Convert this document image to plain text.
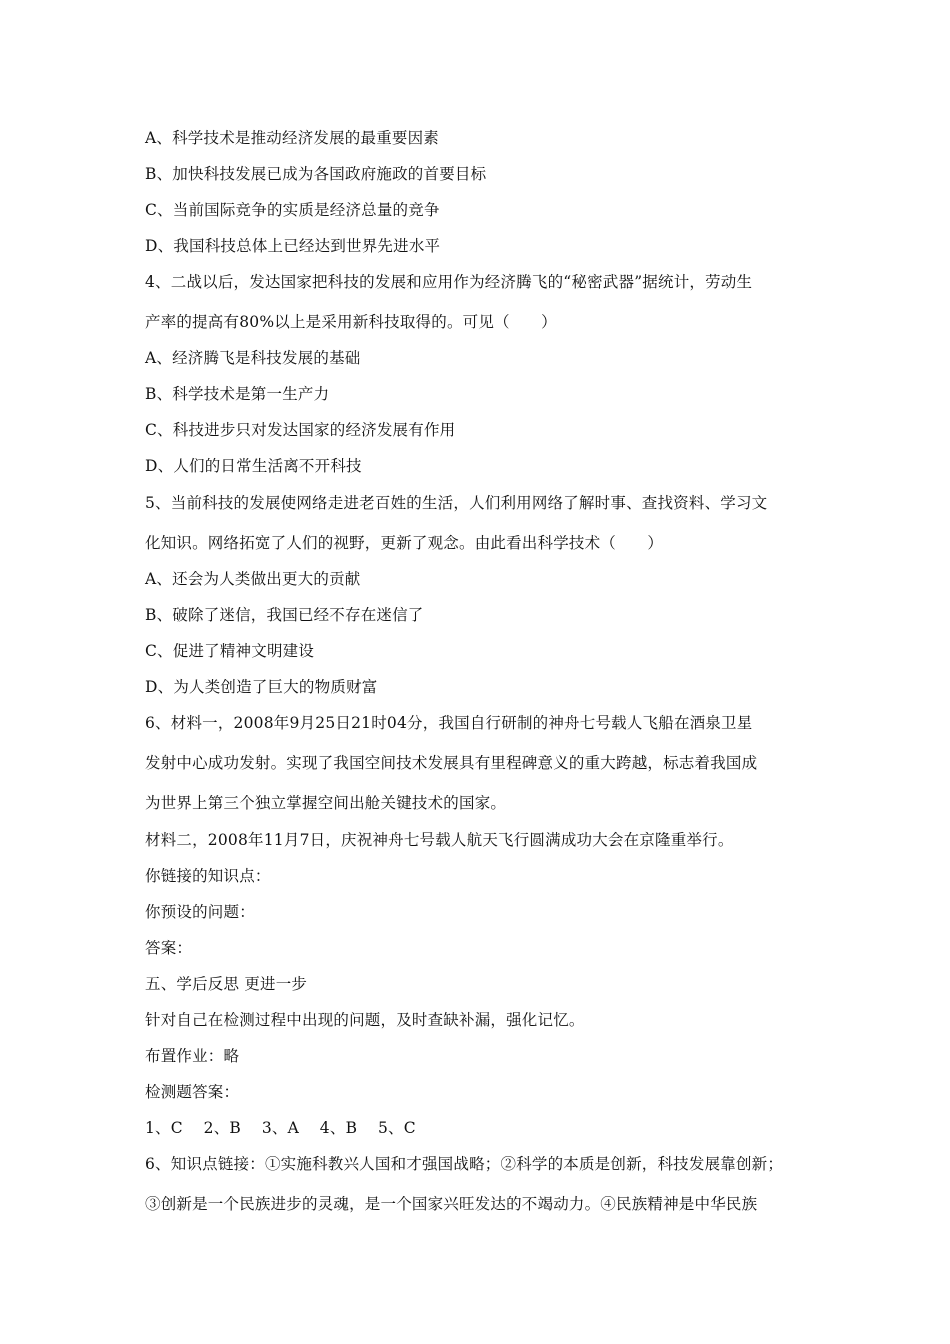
A、科学技术是推动经济发展的最重要因素
B、加快科技发展已成为各国政府施政的首要目标
C、当前国际竞争的实质是经济总量的竞争
D、我国科技总体上已经达到世界先进水平
4、二战以后，发达国家把科技的发展和应用作为经济腾飞的“秘密武器”据统计，劳动生
产率的提高有80%以上是采用新科技取得的。可见（　　）
A、经济腾飞是科技发展的基础
B、科学技术是第一生产力
C、科技进步只对发达国家的经济发展有作用
D、人们的日常生活离不开科技
5、当前科技的发展使网络走进老百姓的生活，人们利用网络了解时事、查找资料、学习文
化知识。网络拓宽了人们的视野，更新了观念。由此看出科学技术（　　）
A、还会为人类做出更大的贡献
B、破除了迷信，我国已经不存在迷信了
C、促进了精神文明建设
D、为人类创造了巨大的物质财富
6、材料一，2008年9月25日21时04分，我国自行研制的神舟七号载人飞船在酒泉卫星
发射中心成功发射。实现了我国空间技术发展具有里程碑意义的重大跨越，标志着我国成
为世界上第三个独立掌握空间出舱关键技术的国家。
材料二，2008年11月7日，庆祝神舟七号载人航天飞行圆满成功大会在京隆重举行。
你链接的知识点：
你预设的问题：
答案：
五、学后反思 更进一步
针对自己在检测过程中出现的问题，及时查缺补漏，强化记忆。
布置作业：略
检测题答案：
1、C　 2、B　 3、A　 4、B　 5、C
6、知识点链接：①实施科教兴人国和才强国战略；②科学的本质是创新，科技发展靠创新；
③创新是一个民族进步的灵魂，是一个国家兴旺发达的不竭动力。④民族精神是中华民族
